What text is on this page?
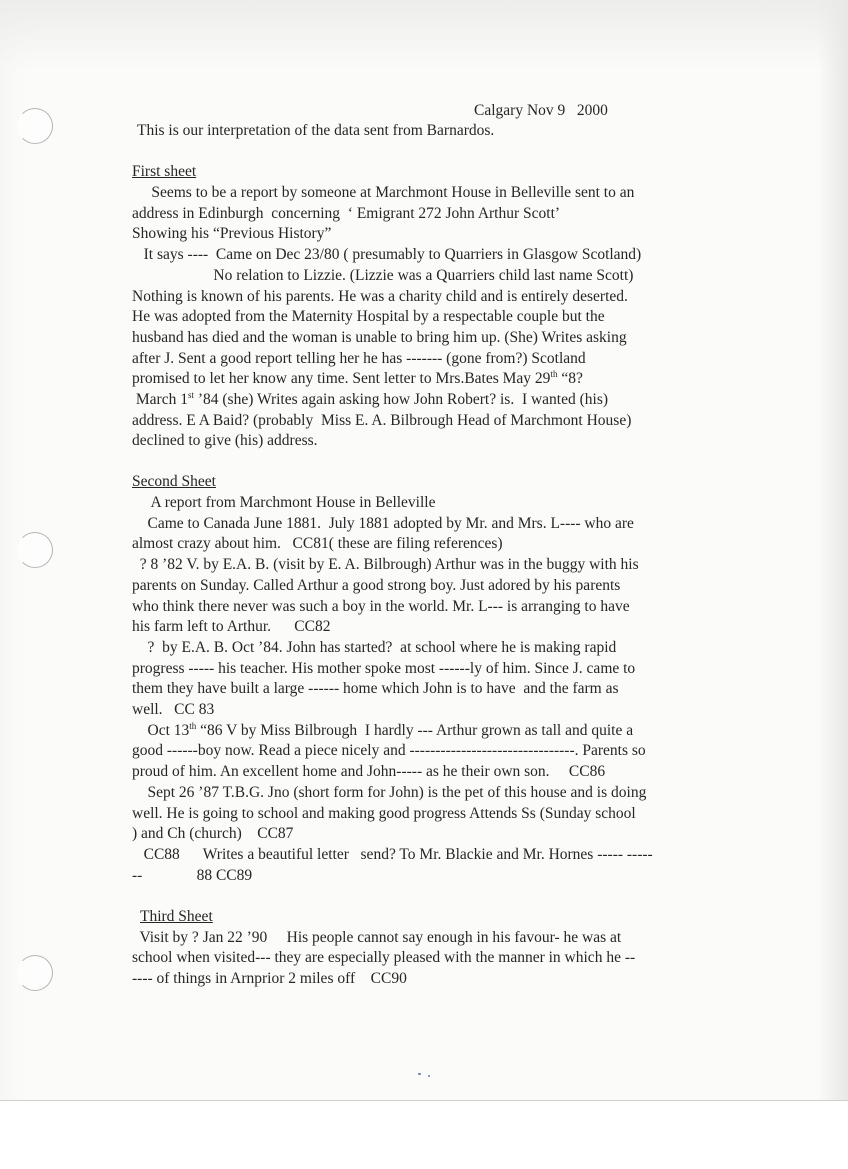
Calgary Nov 9   2000
This is our interpretation of the data sent from Barnardos.
First sheet
Seems to be a report by someone at Marchmont House in Belleville sent to an
address in Edinburgh  concerning  ‘ Emigrant 272 John Arthur Scott’
Showing his “Previous History”
It says ----  Came on Dec 23/80 ( presumably to Quarriers in Glasgow Scotland)
No relation to Lizzie. (Lizzie was a Quarriers child last name Scott)
Nothing is known of his parents. He was a charity child and is entirely deserted.
He was adopted from the Maternity Hospital by a respectable couple but the
husband has died and the woman is unable to bring him up. (She) Writes asking
after J. Sent a good report telling her he has ------- (gone from?) Scotland
promised to let her know any time. Sent letter to Mrs.Bates May 29th “8?
March 1st ’84 (she) Writes again asking how John Robert? is.  I wanted (his)
address. E A Baid? (probably  Miss E. A. Bilbrough Head of Marchmont House)
declined to give (his) address.
Second Sheet
A report from Marchmont House in Belleville
Came to Canada June 1881.  July 1881 adopted by Mr. and Mrs. L---- who are
almost crazy about him.   CC81( these are filing references)
? 8 ’82 V. by E.A. B. (visit by E. A. Bilbrough) Arthur was in the buggy with his
parents on Sunday. Called Arthur a good strong boy. Just adored by his parents
who think there never was such a boy in the world. Mr. L--- is arranging to have
his farm left to Arthur.      CC82
?  by E.A. B. Oct ’84. John has started?  at school where he is making rapid
progress ----- his teacher. His mother spoke most ------ly of him. Since J. came to
them they have built a large ------ home which John is to have  and the farm as
well.   CC 83
Oct 13th “86 V by Miss Bilbrough  I hardly --- Arthur grown as tall and quite a
good ------boy now. Read a piece nicely and --------------------------------. Parents so
proud of him. An excellent home and John----- as he their own son.     CC86
Sept 26 ’87 T.B.G. Jno (short form for John) is the pet of this house and is doing
well. He is going to school and making good progress Attends Ss (Sunday school
) and Ch (church)    CC87
CC88      Writes a beautiful letter   send? To Mr. Blackie and Mr. Hornes ----- -----
--              88 CC89
Third Sheet
Visit by ? Jan 22 ’90     His people cannot say enough in his favour- he was at
school when visited--- they are especially pleased with the manner in which he --
---- of things in Arnprior 2 miles off    CC90
